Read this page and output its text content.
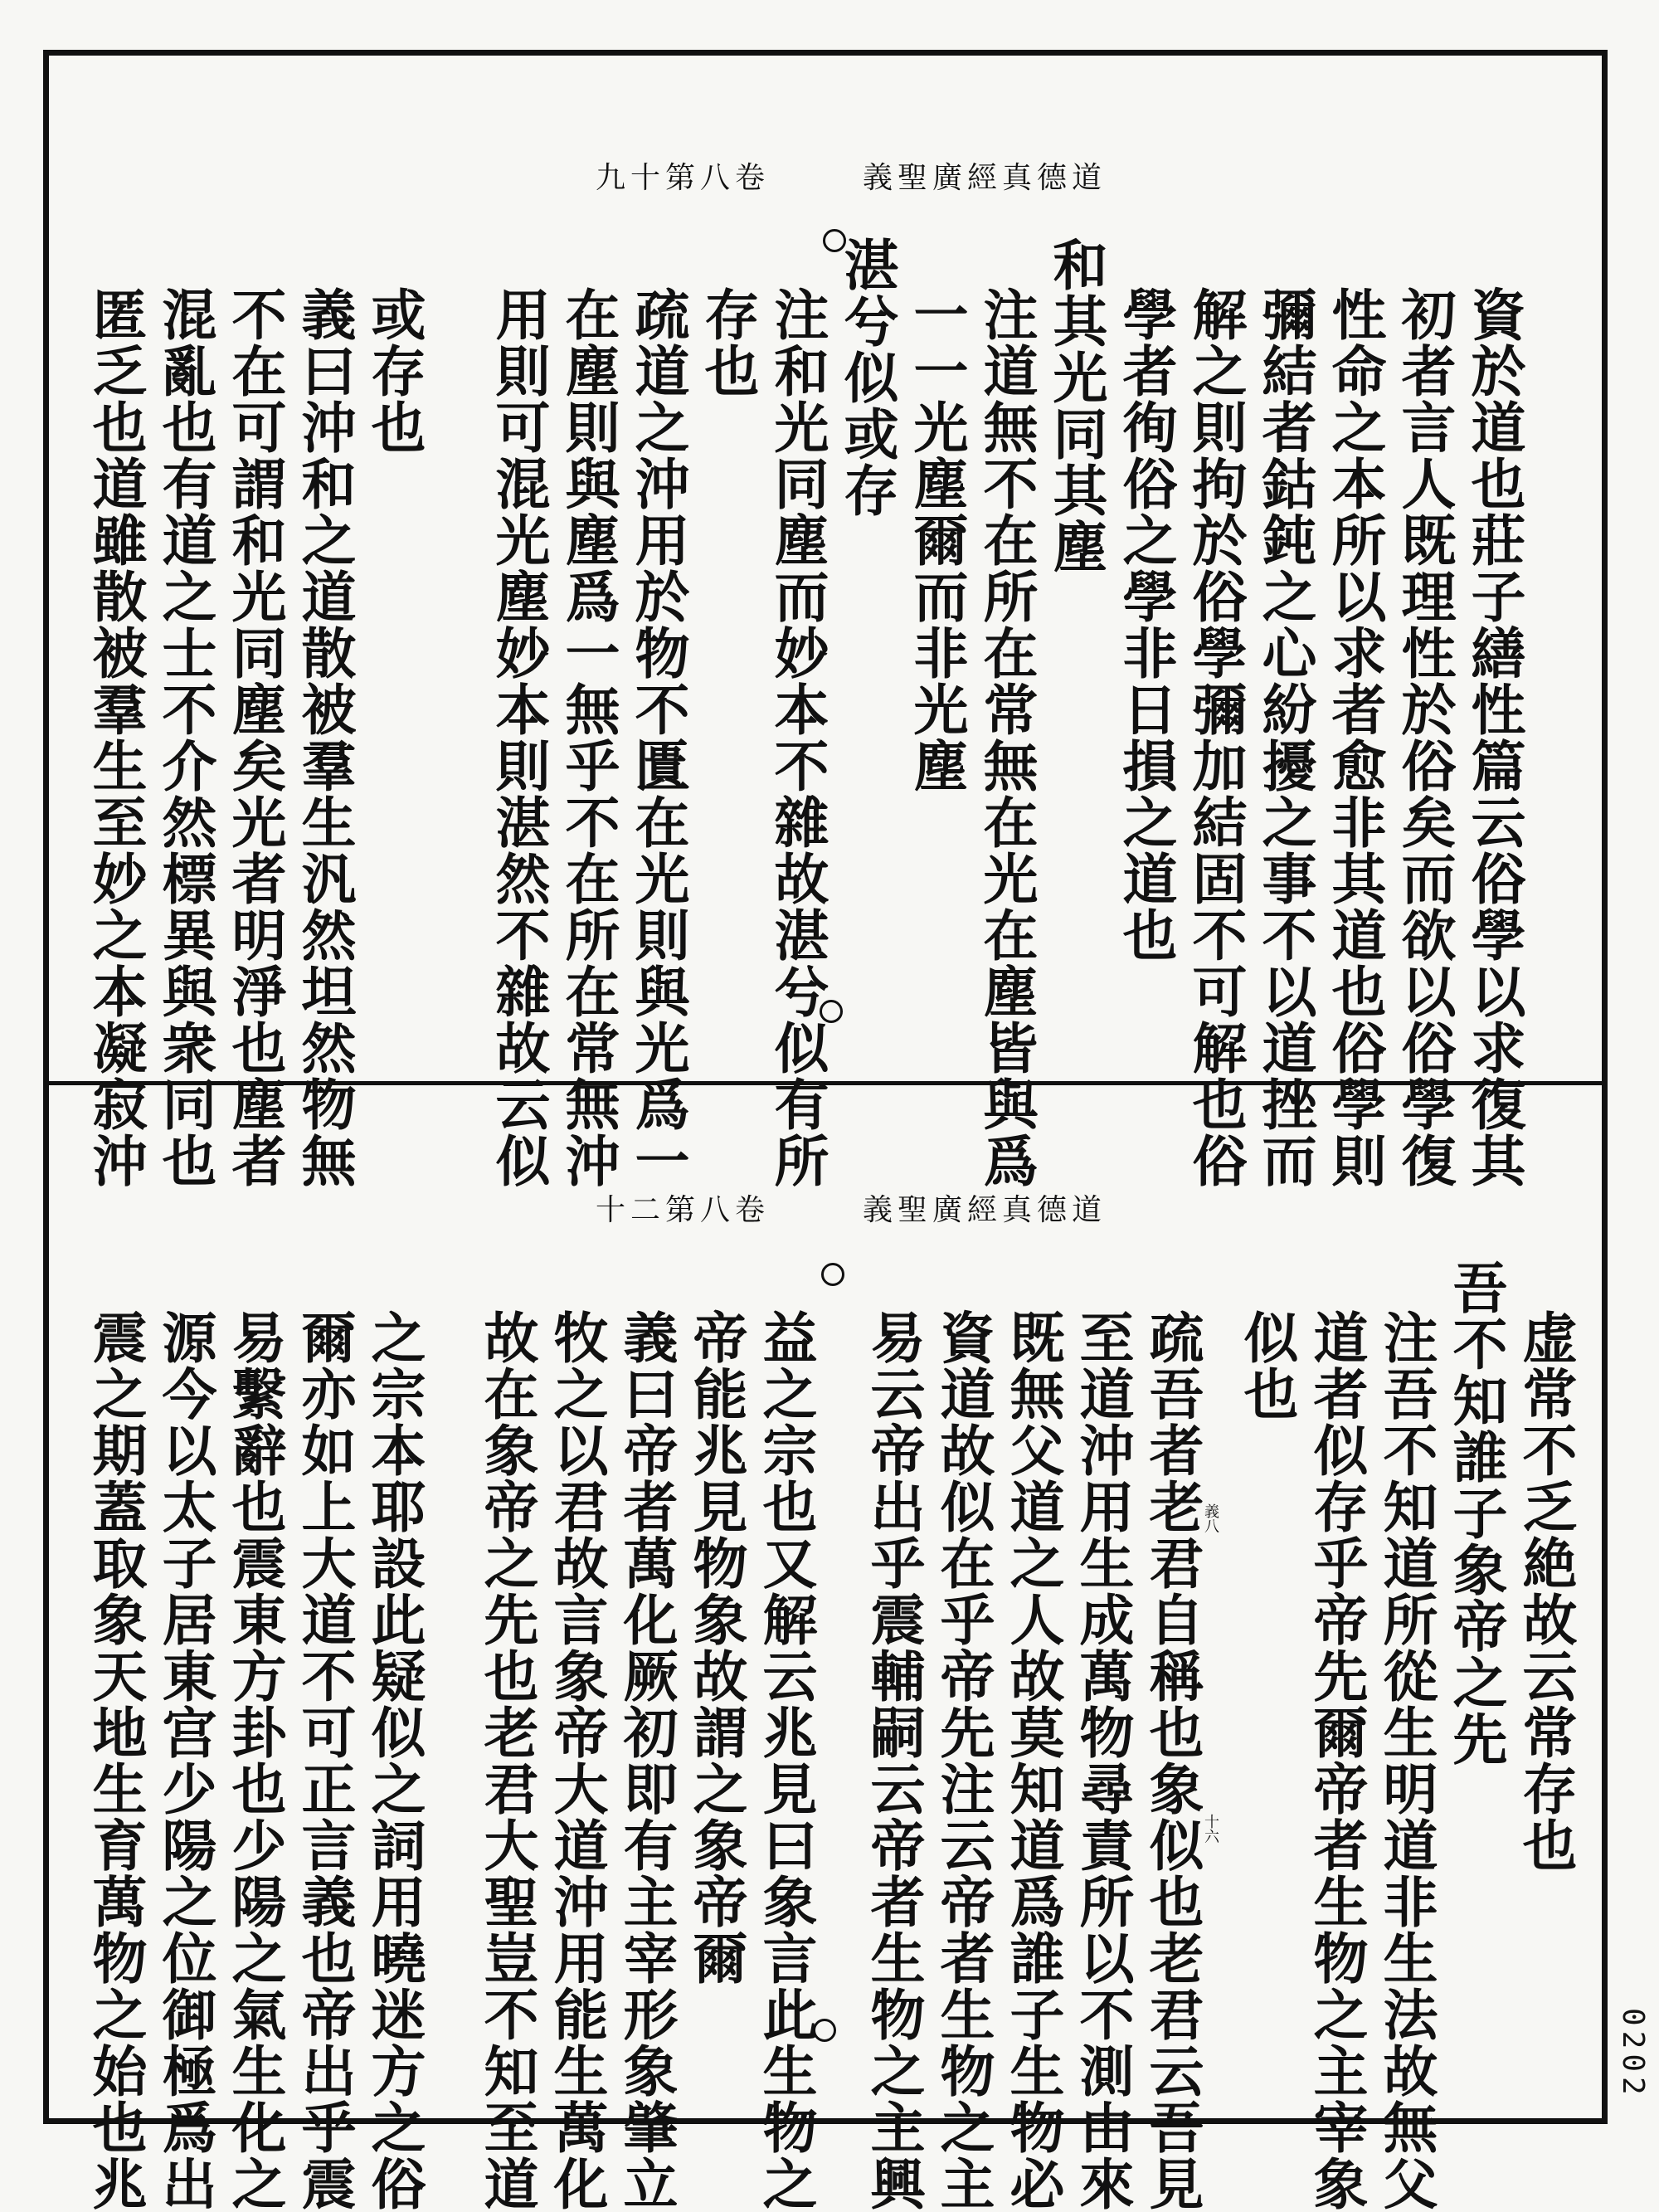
九十第八卷	義聖廣經真德道
資於道也莊子繕性篇云俗學以求復其
初者言人既理性於俗矣而欲以俗學復
性命之本所以求者愈非其道也俗學則
彌結者鈷鈍之心紛擾之事不以道挫而
解之則拘於俗學彌加結固不可解也俗
學者徇俗之學非日損之道也
和其光同其塵
注道無不在所在常無在光在塵皆與爲
一一光塵爾而非光塵
湛兮似或存
注和光同塵而妙本不雜故湛兮似有所
存也
疏道之沖用於物不匱在光則與光爲一
在塵則與塵爲一無乎不在所在常無沖
用則可混光塵妙本則湛然不雜故云似
或存也
義曰沖和之道散被羣生汎然坦然物無
不在可謂和光同塵矣光者明淨也塵者
混亂也有道之士不介然標異與衆同也
匿乏也道雖散被羣生至妙之本凝寂沖
十二第八卷	義聖廣經真德道
虚常不乏絶故云常存也
吾不知誰子象帝之先
注吾不知道所從生明道非生法故無父
道者似存乎帝先爾帝者生物之主宰象
似也
疏吾者老君自稱也象似也老君云吾見
至道沖用生成萬物尋責所以不測由來
既無父道之人故莫知道爲誰子生物必
資道故似在乎帝先注云帝者生物之主
易云帝出乎震輔嗣云帝者生物之主興
益之宗也又解云兆見曰象言此生物之
帝能兆見物象故謂之象帝爾
義曰帝者萬化厥初即有主宰形象肇立
牧之以君故言象帝大道沖用能生萬化
故在象帝之先也老君大聖豈不知至道
之宗本耶設此疑似之詞用曉迷方之俗
爾亦如上大道不可正言義也帝出乎震
易繫辭也震東方卦也少陽之氣生化之
源今以太子居東宫少陽之位御極爲出
震之期蓋取象天地生育萬物之始也兆	義八
十六
0202
